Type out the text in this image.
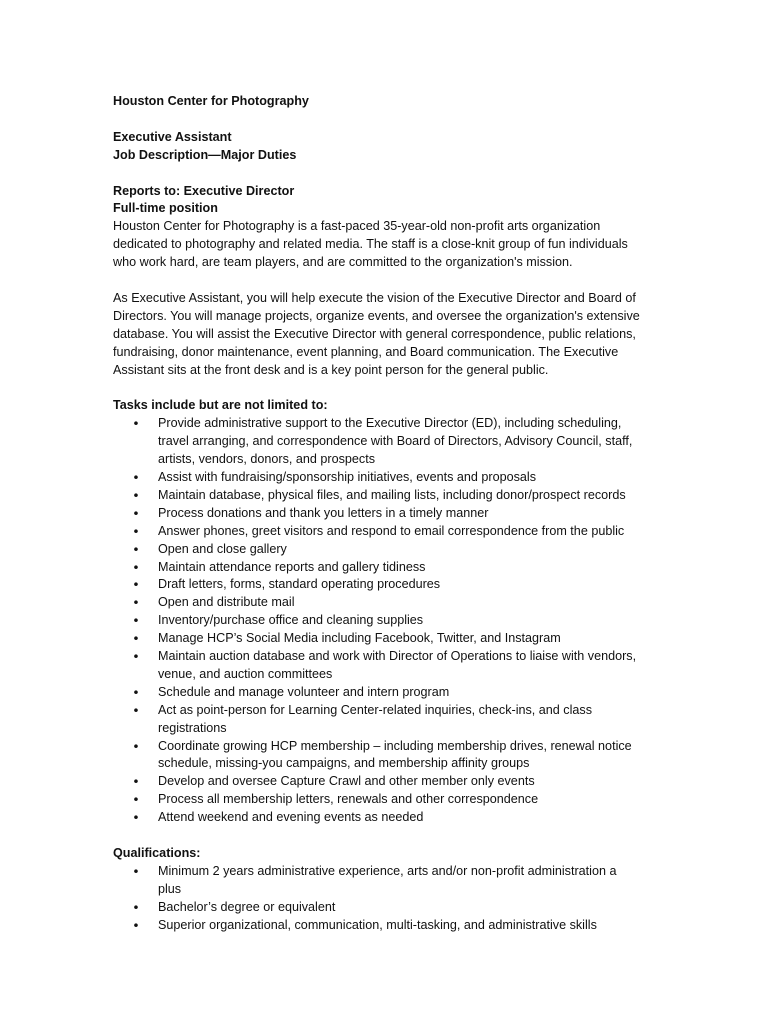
Houston Center for Photography
Executive Assistant
Job Description—Major Duties
Reports to: Executive Director
Full-time position
Houston Center for Photography is a fast-paced 35-year-old non-profit arts organization
dedicated to photography and related media. The staff is a close-knit group of fun individuals
who work hard, are team players, and are committed to the organization's mission.
As Executive Assistant, you will help execute the vision of the Executive Director and Board of
Directors. You will manage projects, organize events, and oversee the organization's extensive
database. You will assist the Executive Director with general correspondence, public relations,
fundraising, donor maintenance, event planning, and Board communication. The Executive
Assistant sits at the front desk and is a key point person for the general public.
Tasks include but are not limited to:
• Provide administrative support to the Executive Director (ED), including scheduling,
travel arranging, and correspondence with Board of Directors, Advisory Council, staff,
artists, vendors, donors, and prospects
• Assist with fundraising/sponsorship initiatives, events and proposals
• Maintain database, physical files, and mailing lists, including donor/prospect records
• Process donations and thank you letters in a timely manner
• Answer phones, greet visitors and respond to email correspondence from the public
• Open and close gallery
• Maintain attendance reports and gallery tidiness
• Draft letters, forms, standard operating procedures
• Open and distribute mail
• Inventory/purchase office and cleaning supplies
• Manage HCP’s Social Media including Facebook, Twitter, and Instagram
• Maintain auction database and work with Director of Operations to liaise with vendors,
venue, and auction committees
• Schedule and manage volunteer and intern program
• Act as point-person for Learning Center-related inquiries, check-ins, and class
registrations
• Coordinate growing HCP membership – including membership drives, renewal notice
schedule, missing-you campaigns, and membership affinity groups
• Develop and oversee Capture Crawl and other member only events
• Process all membership letters, renewals and other correspondence
• Attend weekend and evening events as needed
Qualifications:
• Minimum 2 years administrative experience, arts and/or non-profit administration a
plus
• Bachelor’s degree or equivalent
• Superior organizational, communication, multi-tasking, and administrative skills
